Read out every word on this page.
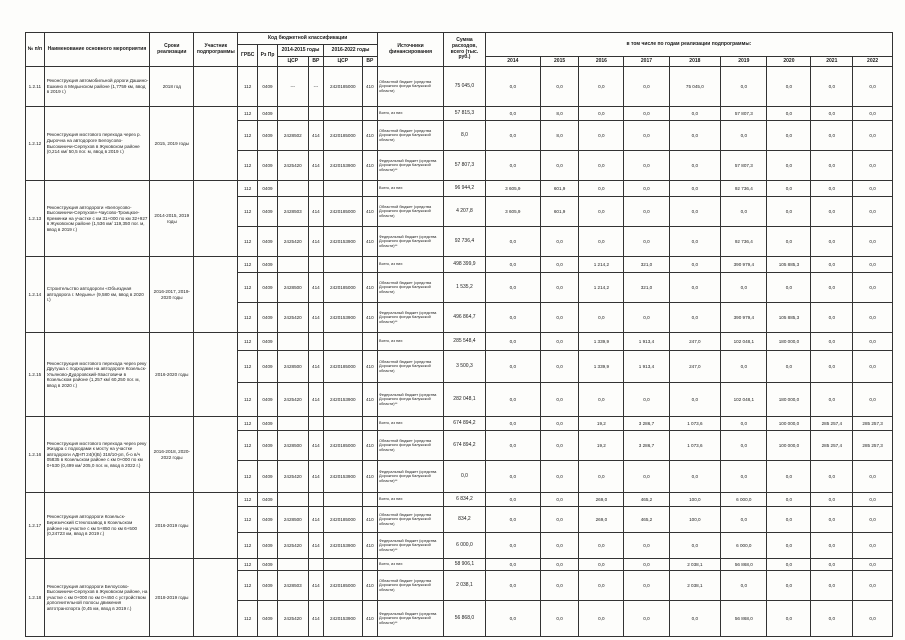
№ п/п	Наименование основного мероприятия	Сроки реализации	Участник подпрограммы	Код бюджетной классификации						Источники финансирования	Сумма расходов, всего (тыс. руб.)	в том числе по годам реализации подпрограммы:								
				ГРБС	Рз Пр	2014-2015 годы		2016-2022 годы												
						ЦСР	ВР	ЦСР	ВР			2014	2015	2016	2017	2018	2019	2020	2021	2022
1.2.11	Реконструкция автомобильной дороги Дашино-Ешкино в Медынском районе (1,7759 км, ввод в 2019 г.)	2018 год		112	0409	---	---	2420185000	410	Областной бюджет (средства Дорожного фонда Калужской области)	75 045,0	0,0	0,0	0,0	0,0	75 045,0	0,0	0,0	0,0	0,0
1.2.12	Реконструкция мостового перехода через р. Дырочна на автодороге Белоусово-Высокиничи-Серпухов в Жуковском районе (0,214 км/ 50,5 пог. м, ввод в 2019 г.)	2015, 2019 годы		112	0409					Всего, из них:	57 815,3	0,0	8,0	0,0	0,0	0,0	57 807,3	0,0	0,0	0,0
				112	0409	2428502	414	2420185000	410	Областной бюджет (средства Дорожного фонда Калужской области)	8,0	0,0	8,0	0,0	0,0	0,0	0,0	0,0	0,0	0,0
				112	0409	2425420	414	2420153900	410	Федеральный бюджет (средства Дорожного фонда Калужской области)**	57 807,3	0,0	0,0	0,0	0,0	0,0	57 807,3	0,0	0,0	0,0
1.2.13	Реконструкция автодороги «Белоусово-Высокиничи-Серпухов»-Чаусово-Троицкое-Кременки на участке с км 31+000 по км 32+927 в Жуковском районе (1,536 км/ 119,350 пог. м, ввод в 2019 г.)	2014-2015, 2019 годы		112	0409					Всего, из них:	96 944,2	3 605,9	601,9	0,0	0,0	0,0	92 736,4	0,0	0,0	0,0
				112	0409	2428503	414	2420185000	410	Областной бюджет (средства Дорожного фонда Калужской области)	4 207,8	3 605,9	601,9	0,0	0,0	0,0	0,0	0,0	0,0	0,0
				112	0409	2425420	414	2420153900	410	Федеральный бюджет (средства Дорожного фонда Калужской области)**	92 736,4	0,0	0,0	0,0	0,0	0,0	92 736,4	0,0	0,0	0,0
1.2.14	Строительство автодороги «Объездная автодорога г. Медынь» (9,580 км, ввод в 2020 г.)	2016-2017, 2019-2020 годы		112	0409					Всего, из них:	498 399,9	0,0	0,0	1 214,2	321,0	0,0	390 979,4	105 885,3	0,0	0,0
				112	0409	2428500	414	2420185000	410	Областной бюджет (средства Дорожного фонда Калужской области)	1 535,2	0,0	0,0	1 214,2	321,0	0,0	0,0	0,0	0,0	0,0
				112	0409	2425420	414	2420153900	410	Федеральный бюджет (средства Дорожного фонда Калужской области)**	496 864,7	0,0	0,0	0,0	0,0	0,0	390 979,4	105 885,3	0,0	0,0
1.2.15	Реконструкция мостового перехода через реку Другуша с подходами на автодороге Козельск-Ульяново-Дудоровский-Хвастовичи в Козельском районе (1,257 км/ 60,250 пог. м, ввод в 2020 г.)	2016-2020 годы		112	0409					Всего, из них:	285 548,4	0,0	0,0	1 339,9	1 913,4	247,0	102 048,1	180 000,0	0,0	0,0
				112	0409	2428500	414	2420185000	410	Областной бюджет (средства Дорожного фонда Калужской области)	3 500,3	0,0	0,0	1 339,9	1 913,4	247,0	0,0	0,0	0,0	0,0
				112	0409	2425420	414	2420153900	410	Федеральный бюджет (средства Дорожного фонда Калужской области)**	282 048,1	0,0	0,0	0,0	0,0	0,0	102 048,1	180 000,0	0,0	0,0
1.2.16	Реконструкция мостового перехода через реку Жиздра с подходами к мосту на участке автодороги АДНП 24(К)Б) 318/10-рп, б-о в/ч 05835 в Козельском районе с км 0+000 по км 0+530 (0,499 км/ 205,0 пог. м, ввод в 2022 г.)	2016-2018, 2020-2022 годы		112	0409					Всего, из них:	674 894,2	0,0	0,0	19,2	3 286,7	1 073,6	0,0	100 000,0	285 257,4	285 257,3
				112	0409	2428500	414	2420185000	410	Областной бюджет (средства Дорожного фонда Калужской области)	674 894,2	0,0	0,0	19,2	3 286,7	1 073,6	0,0	100 000,0	285 257,4	285 257,3
				112	0409	2425420	414	2420153900	410	Федеральный бюджет (средства Дорожного фонда Калужской области)**	0,0	0,0	0,0	0,0	0,0	0,0	0,0	0,0	0,0	0,0
1.2.17	Реконструкция автодороги Козельск-Березичский Стеклозавод в Козельском районе на участке с км 5+850 по км 6+500 (0,24723 км, ввод в 2019 г.)	2016-2019 годы		112	0409					Всего, из них:	6 834,2	0,0	0,0	269,0	465,2	100,0	6 000,0	0,0	0,0	0,0
				112	0409	2428500	414	2420185000	410	Областной бюджет (средства Дорожного фонда Калужской области)	834,2	0,0	0,0	269,0	465,2	100,0	0,0	0,0	0,0	0,0
				112	0409	2425420	414	2420153900	410	Федеральный бюджет (средства Дорожного фонда Калужской области)**	6 000,0	0,0	0,0	0,0	0,0	0,0	6 000,0	0,0	0,0	0,0
1.2.18	Реконструкция автодороги Белоусово-Высокиничи-Серпухов в Жуковском районе, на участке с км 0+000 по км 0+450 с устройством дополнительной полосы движения автотранспорта (0,45 км, ввод в 2019 г.)	2018-2019 годы		112	0409					Всего, из них:	58 906,1	0,0	0,0	0,0	0,0	2 038,1	56 868,0	0,0	0,0	0,0
				112	0409	2428503	414	2420185000	410	Областной бюджет (средства Дорожного фонда Калужской области)	2 038,1	0,0	0,0	0,0	0,0	2 038,1	0,0	0,0	0,0	0,0
				112	0409	2425420	414	2420153900	410	Федеральный бюджет (средства Дорожного фонда Калужской области)**	56 868,0	0,0	0,0	0,0	0,0	0,0	56 868,0	0,0	0,0	0,0
